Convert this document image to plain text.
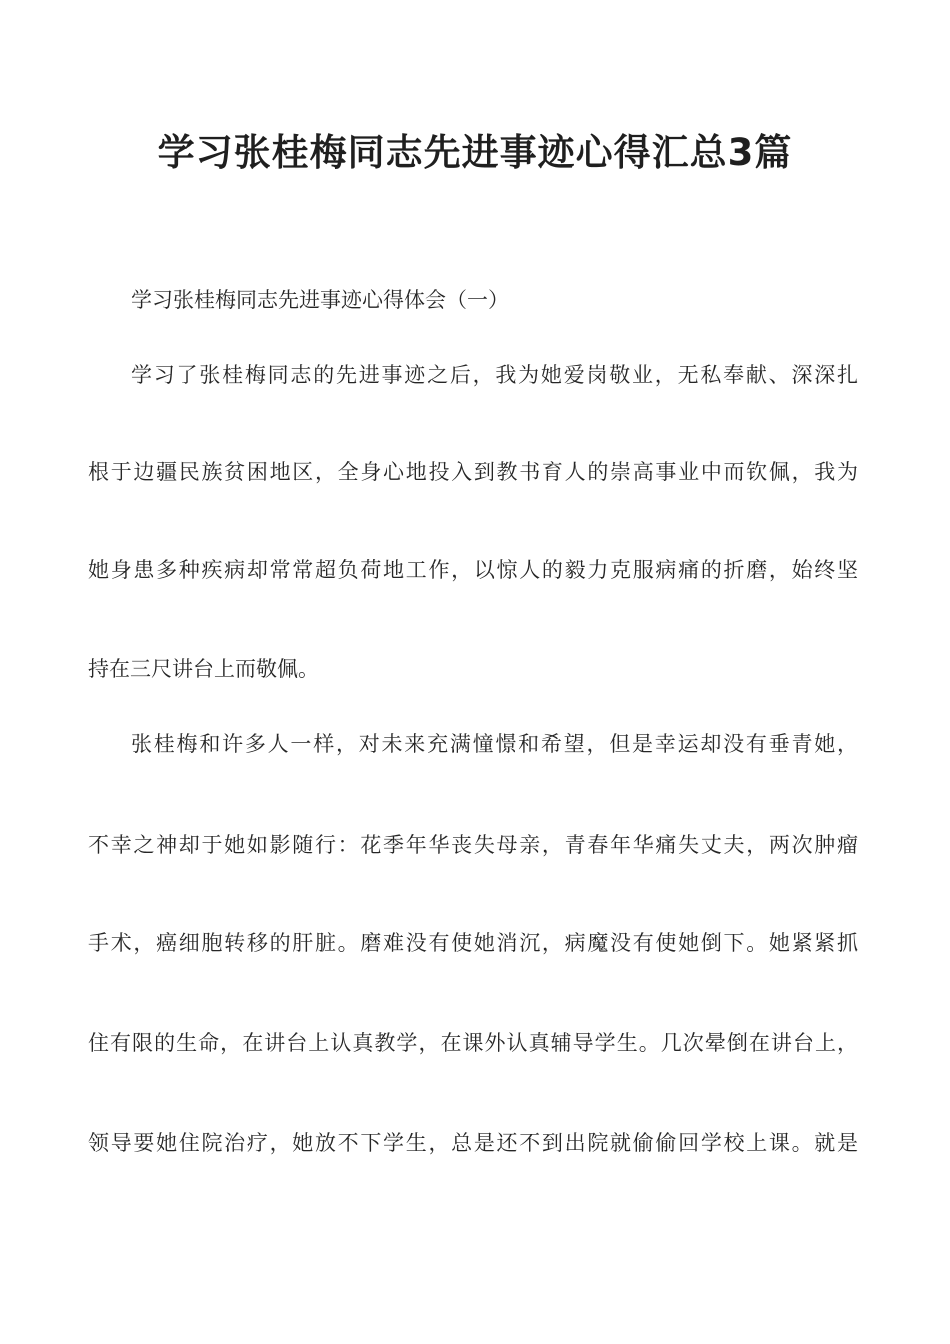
学习张桂梅同志先进事迹心得汇总3篇
学习张桂梅同志先进事迹心得体会（一）
学习了张桂梅同志的先进事迹之后，我为她爱岗敬业，无私奉献、深深扎
根于边疆民族贫困地区，全身心地投入到教书育人的崇高事业中而钦佩，我为
她身患多种疾病却常常超负荷地工作，以惊人的毅力克服病痛的折磨，始终坚
持在三尺讲台上而敬佩。
张桂梅和许多人一样，对未来充满憧憬和希望，但是幸运却没有垂青她，
不幸之神却于她如影随行：花季年华丧失母亲，青春年华痛失丈夫，两次肿瘤
手术，癌细胞转移的肝脏。磨难没有使她消沉，病魔没有使她倒下。她紧紧抓
住有限的生命，在讲台上认真教学，在课外认真辅导学生。几次晕倒在讲台上，
领导要她住院治疗，她放不下学生，总是还不到出院就偷偷回学校上课。就是
